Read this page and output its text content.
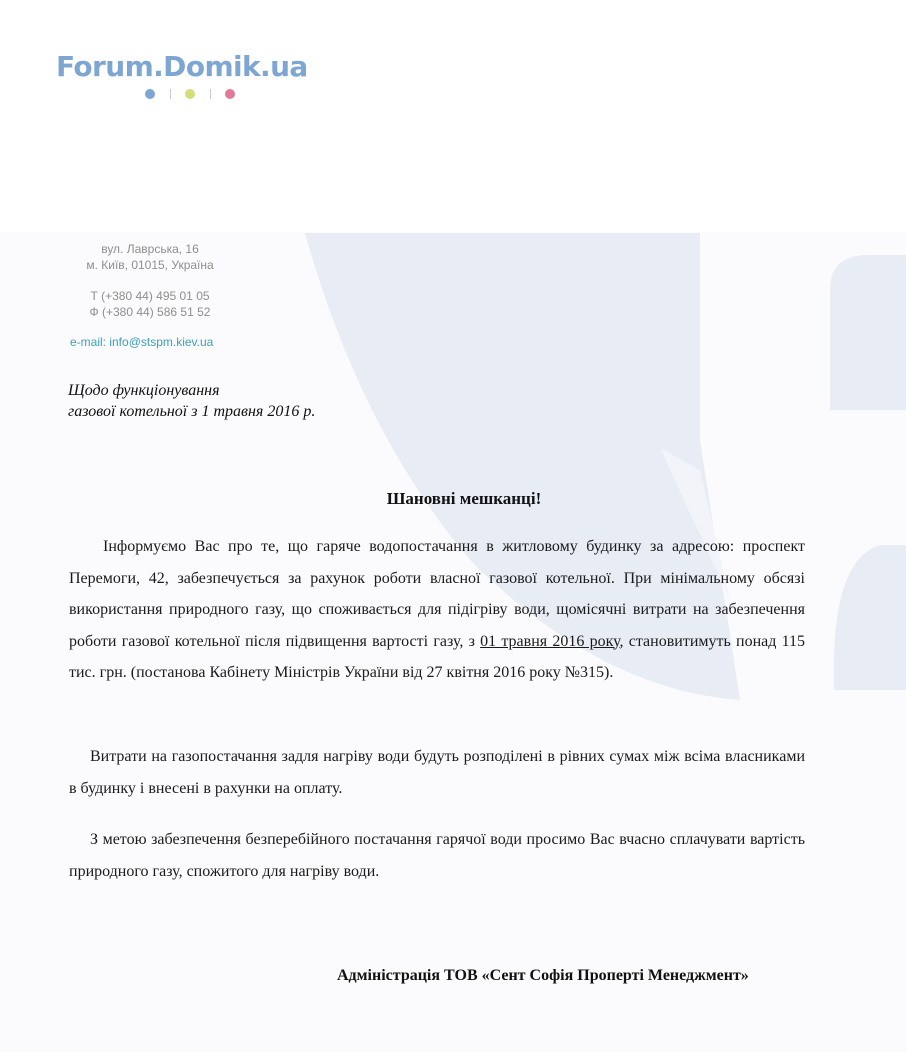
Forum.Domik.ua
вул. Лаврська, 16
м. Київ, 01015, Україна
Т (+380 44) 495 01 05
Ф (+380 44) 586 51 52
e-mail: info@stspm.kiev.ua
Щодо функціонування
газової котельної з 1 травня 2016 р.
Шановні мешканці!

Інформуємо Вас про те, що гаряче водопостачання в житловому будинку за адресою: проспект Перемоги, 42, забезпечується за рахунок роботи власної газової котельної. При мінімальному обсязі використання природного газу, що споживається для підігріву води, щомісячні витрати на забезпечення роботи газової котельної після підвищення вартості газу, з 01 травня 2016 року, становитимуть понад 115 тис. грн. (постанова Кабінету Міністрів України від 27 квітня 2016 року №315).

Витрати на газопостачання задля нагріву води будуть розподілені в рівних сумах між всіма власниками в будинку і внесені в рахунки на оплату.

З метою забезпечення безперебійного постачання гарячої води просимо Вас вчасно сплачувати вартість природного газу, спожитого для нагріву води.

Адміністрація ТОВ «Сент Софія Проперті Менеджмент»
